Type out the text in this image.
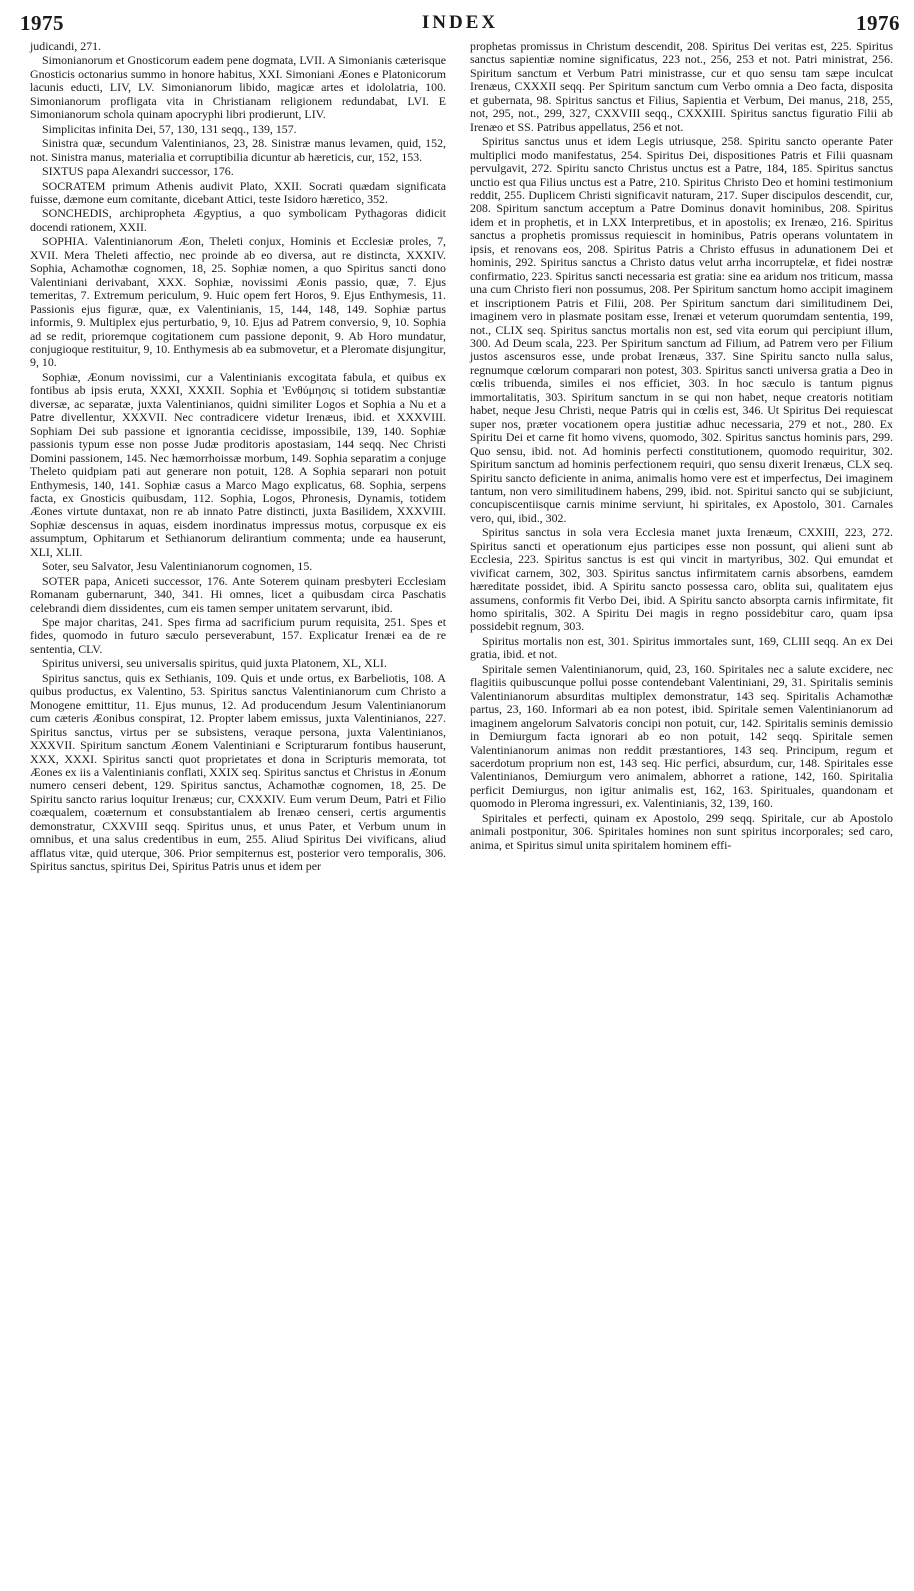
1975	INDEX	1976

judicandi, 271.

Simonianorum et Gnosticorum eadem pene dogmata, LVII. A Simonianis cæterisque Gnosticis octonarius summo in honore habitus, XXI. Simoniani Æones e Platonicorum lacunis educti, LIV, LV. Simonianorum libido, magicæ artes et idololatria, 100. Simonianorum profligata vita in Christianam religionem redundabat, LVI. E Simonianorum schola quinam apocryphi libri prodierunt, LIV.

Simplicitas infinita Dei, 57, 130, 131 seqq., 139, 157.

Sinistra quæ, secundum Valentinianos, 23, 28. Sinistræ manus levamen, quid, 152, not. Sinistra manus, materialia et corruptibilia dicuntur ab hæreticis, cur, 152, 153.

SIXTUS papa Alexandri successor, 176.

SOCRATEM primum Athenis audivit Plato, XXII. Socrati quædam significata fuisse, dæmone eum comitante, dicebant Attici, teste Isidoro hæretico, 352.

SONCHEDIS, archipropheta Ægyptius, a quo symbolicam Pythagoras didicit docendi rationem, XXII.

SOPHIA. Valentinianorum Æon, Theleti conjux, Hominis et Ecclesiæ proles, 7, XVII. Mera Theleti affectio, nec proinde ab eo diversa, aut re distincta, XXXIV. Sophia, Achamothæ cognomen, 18, 25. Sophiæ nomen, a quo Spiritus sancti dono Valentiniani derivabant, XXX. Sophiæ, novissimi Æonis passio, quæ, 7. Ejus temeritas, 7. Extremum periculum, 9. Huic opem fert Horos, 9. Ejus Enthymesis, 11. Passionis ejus figuræ, quæ, ex Valentinianis, 15, 144, 148, 149. Sophiæ partus informis, 9. Multiplex ejus perturbatio, 9, 10. Ejus ad Patrem conversio, 9, 10. Sophia ad se redit, prioremque cogitationem cum passione deponit, 9. Ab Horo mundatur, conjugioque restituitur, 9, 10. Enthymesis ab ea submovetur, et a Pleromate disjungitur, 9, 10.

Sophiæ, Æonum novissimi, cur a Valentinianis excogitata fabula, et quibus ex fontibus ab ipsis eruta, XXXI, XXXII. Sophia et 'Ενθύμησις si totidem substantiæ diversæ, ac separatæ, juxta Valentinianos, quidni similiter Logos et Sophia a Nu et a Patre divellentur, XXXVII. Nec contradicere videtur Irenæus, ibid. et XXXVIII. Sophiam Dei sub passione et ignorantia cecidisse, impossibile, 139, 140. Sophiæ passionis typum esse non posse Judæ proditoris apostasiam, 144 seqq. Nec Christi Domini passionem, 145. Nec hæmorrhoissæ morbum, 149. Sophia separatim a conjuge Theleto quidpiam pati aut generare non potuit, 128. A Sophia separari non potuit Enthymesis, 140, 141. Sophiæ casus a Marco Mago explicatus, 68. Sophia, serpens facta, ex Gnosticis quibusdam, 112. Sophia, Logos, Phronesis, Dynamis, totidem Æones virtute duntaxat, non re ab innato Patre distincti, juxta Basilidem, XXXVIII. Sophiæ descensus in aquas, eisdem inordinatus impressus motus, corpusque ex eis assumptum, Ophitarum et Sethianorum delirantium commenta; unde ea hauserunt, XLI, XLII.

Soter, seu Salvator, Jesu Valentinianorum cognomen, 15.

SOTER papa, Aniceti successor, 176. Ante Soterem quinam presbyteri Ecclesiam Romanam gubernarunt, 340, 341. Hi omnes, licet a quibusdam circa Paschatis celebrandi diem dissidentes, cum eis tamen semper unitatem servarunt, ibid.

Spe major charitas, 241. Spes firma ad sacrificium purum requisita, 251. Spes et fides, quomodo in futuro sæculo perseverabunt, 157. Explicatur Irenæi ea de re sententia, CLV.

Spiritus universi, seu universalis spiritus, quid juxta Platonem, XL, XLI.

Spiritus sanctus, quis ex Sethianis, 109. Quis et unde ortus, ex Barbeliotis, 108. A quibus productus, ex Valentino, 53. Spiritus sanctus Valentinianorum cum Christo a Monogene emittitur, 11. Ejus munus, 12. Ad producendum Jesum Valentinianorum cum cæteris Æonibus conspirat, 12. Propter labem emissus, juxta Valentinianos, 227. Spiritus sanctus, virtus per se subsistens, veraque persona, juxta Valentinianos, XXXVII. Spiritum sanctum Æonem Valentiniani e Scripturarum fontibus hauserunt, XXX, XXXI. Spiritus sancti quot proprietates et dona in Scripturis memorata, tot Æones ex iis a Valentinianis conflati, XXIX seq. Spiritus sanctus et Christus in Æonum numero censeri debent, 129. Spiritus sanctus, Achamothæ cognomen, 18, 25. De Spiritu sancto rarius loquitur Irenæus; cur, CXXXIV. Eum verum Deum, Patri et Filio coæqualem, coæternum et consubstantialem ab Irenæo censeri, certis argumentis demonstratur, CXXVIII seqq. Spiritus unus, et unus Pater, et Verbum unum in omnibus, et una salus credentibus in eum, 255. Aliud Spiritus Dei vivificans, aliud afflatus vitæ, quid uterque, 306. Prior sempiternus est, posterior vero temporalis, 306. Spiritus sanctus, spiritus Dei, Spiritus Patris unus et idem per

prophetas promissus in Christum descendit, 208. Spiritus Dei veritas est, 225. Spiritus sanctus sapientiæ nomine significatus, 223 not., 256, 253 et not. Patri ministrat, 256. Spiritum sanctum et Verbum Patri ministrasse, cur et quo sensu tam sæpe inculcat Irenæus, CXXXII seqq. Per Spiritum sanctum cum Verbo omnia a Deo facta, disposita et gubernata, 98. Spiritus sanctus et Filius, Sapientia et Verbum, Dei manus, 218, 255, not, 295, not., 299, 327, CXXVIII seqq., CXXXIII. Spiritus sanctus figuratio Filii ab Irenæo et SS. Patribus appellatus, 256 et not.

Spiritus sanctus unus et idem Legis utriusque, 258. Spiritu sancto operante Pater multiplici modo manifestatus, 254. Spiritus Dei, dispositiones Patris et Filii quasnam pervulgavit, 272. Spiritu sancto Christus unctus est a Patre, 184, 185. Spiritus sanctus unctio est qua Filius unctus est a Patre, 210. Spiritus Christo Deo et homini testimonium reddit, 255. Duplicem Christi significavit naturam, 217. Super discipulos descendit, cur, 208. Spiritum sanctum acceptum a Patre Dominus donavit hominibus, 208. Spiritus idem et in prophetis, et in LXX Interpretibus, et in apostolis; ex Irenæo, 216. Spiritus sanctus a prophetis promissus requiescit in hominibus, Patris operans voluntatem in ipsis, et renovans eos, 208. Spiritus Patris a Christo effusus in adunationem Dei et hominis, 292. Spiritus sanctus a Christo datus velut arrha incorruptelæ, et fidei nostræ confirmatio, 223. Spiritus sancti necessaria est gratia: sine ea aridum nos triticum, massa una cum Christo fieri non possumus, 208. Per Spiritum sanctum homo accipit imaginem et inscriptionem Patris et Filii, 208. Per Spiritum sanctum dari similitudinem Dei, imaginem vero in plasmate positam esse, Irenæi et veterum quorumdam sententia, 199, not., CLIX seq. Spiritus sanctus mortalis non est, sed vita eorum qui percipiunt illum, 300. Ad Deum scala, 223. Per Spiritum sanctum ad Filium, ad Patrem vero per Filium justos ascensuros esse, unde probat Irenæus, 337. Sine Spiritu sancto nulla salus, regnumque cœlorum comparari non potest, 303. Spiritus sancti universa gratia a Deo in cœlis tribuenda, similes ei nos efficiet, 303. In hoc sæculo is tantum pignus immortalitatis, 303. Spiritum sanctum in se qui non habet, neque creatoris notitiam habet, neque Jesu Christi, neque Patris qui in cœlis est, 346. Ut Spiritus Dei requiescat super nos, præter vocationem opera justitiæ adhuc necessaria, 279 et not., 280. Ex Spiritu Dei et carne fit homo vivens, quomodo, 302. Spiritus sanctus hominis pars, 299. Quo sensu, ibid. not. Ad hominis perfecti constitutionem, quomodo requiritur, 302. Spiritum sanctum ad hominis perfectionem requiri, quo sensu dixerit Irenæus, CLX seq. Spiritu sancto deficiente in anima, animalis homo vere est et imperfectus, Dei imaginem tantum, non vero similitudinem habens, 299, ibid. not. Spiritui sancto qui se subjiciunt, concupiscentiisque carnis minime serviunt, hi spiritales, ex Apostolo, 301. Carnales vero, qui, ibid., 302.

Spiritus sanctus in sola vera Ecclesia manet juxta Irenæum, CXXIII, 223, 272. Spiritus sancti et operationum ejus participes esse non possunt, qui alieni sunt ab Ecclesia, 223. Spiritus sanctus is est qui vincit in martyribus, 302. Qui emundat et vivificat carnem, 302, 303. Spiritus sanctus infirmitatem carnis absorbens, eamdem hæreditate possidet, ibid. A Spiritu sancto possessa caro, oblita sui, qualitatem ejus assumens, conformis fit Verbo Dei, ibid. A Spiritu sancto absorpta carnis infirmitate, fit homo spiritalis, 302. A Spiritu Dei magis in regno possidebitur caro, quam ipsa possidebit regnum, 303.

Spiritus mortalis non est, 301. Spiritus immortales sunt, 169, CLIII seqq. An ex Dei gratia, ibid. et not.

Spiritale semen Valentinianorum, quid, 23, 160. Spiritales nec a salute excidere, nec flagitiis quibuscunque pollui posse contendebant Valentiniani, 29, 31. Spiritalis seminis Valentinianorum absurditas multiplex demonstratur, 143 seq. Spiritalis Achamothæ partus, 23, 160. Informari ab ea non potest, ibid. Spiritale semen Valentinianorum ad imaginem angelorum Salvatoris concipi non potuit, cur, 142. Spiritalis seminis demissio in Demiurgum facta ignorari ab eo non potuit, 142 seqq. Spiritale semen Valentinianorum animas non reddit præstantiores, 143 seq. Principum, regum et sacerdotum proprium non est, 143 seq. Hic perfici, absurdum, cur, 148. Spiritales esse Valentinianos, Demiurgum vero animalem, abhorret a ratione, 142, 160. Spiritalia perficit Demiurgus, non igitur animalis est, 162, 163. Spirituales, quandonam et quomodo in Pleroma ingressuri, ex. Valentinianis, 32, 139, 160.

Spiritales et perfecti, quinam ex Apostolo, 299 seqq. Spiritale, cur ab Apostolo animali postponitur, 306. Spiritales homines non sunt spiritus incorporales; sed caro, anima, et Spiritus simul unita spiritalem hominem effi-
